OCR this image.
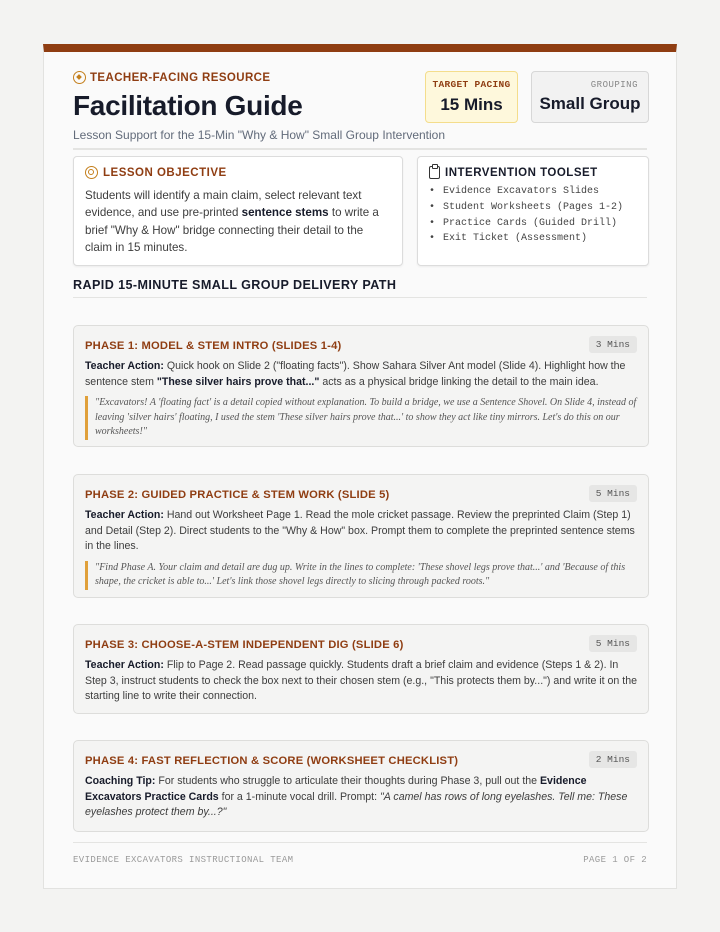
TEACHER-FACING RESOURCE
Facilitation Guide
Lesson Support for the 15-Min "Why & How" Small Group Intervention
TARGET PACING
15 Mins
GROUPING
Small Group
LESSON OBJECTIVE

Students will identify a main claim, select relevant text evidence, and use pre-printed sentence stems to write a brief "Why & How" bridge connecting their detail to the claim in 15 minutes.

INTERVENTION TOOLSET
• Evidence Excavators Slides
• Student Worksheets (Pages 1-2)
• Practice Cards (Guided Drill)
• Exit Ticket (Assessment)
RAPID 15-MINUTE SMALL GROUP DELIVERY PATH
PHASE 1: MODEL & STEM INTRO (SLIDES 1-4)	3 Mins
Teacher Action: Quick hook on Slide 2 ("floating facts"). Show Sahara Silver Ant model (Slide 4). Highlight how the sentence stem "These silver hairs prove that..." acts as a physical bridge linking the detail to the main idea.
"Excavators! A 'floating fact' is a detail copied without explanation. To build a bridge, we use a Sentence Shovel. On Slide 4, instead of leaving 'silver hairs' floating, I used the stem 'These silver hairs prove that...' to show they act like tiny mirrors. Let's do this on our worksheets!"
PHASE 2: GUIDED PRACTICE & STEM WORK (SLIDE 5)	5 Mins
Teacher Action: Hand out Worksheet Page 1. Read the mole cricket passage. Review the preprinted Claim (Step 1) and Detail (Step 2). Direct students to the "Why & How" box. Prompt them to complete the preprinted sentence stems in the lines.
"Find Phase A. Your claim and detail are dug up. Write in the lines to complete: 'These shovel legs prove that...' and 'Because of this shape, the cricket is able to...' Let's link those shovel legs directly to slicing through packed roots."
PHASE 3: CHOOSE-A-STEM INDEPENDENT DIG (SLIDE 6)	5 Mins
Teacher Action: Flip to Page 2. Read passage quickly. Students draft a brief claim and evidence (Steps 1 & 2). In Step 3, instruct students to check the box next to their chosen stem (e.g., "This protects them by...") and write it on the starting line to write their connection.
PHASE 4: FAST REFLECTION & SCORE (WORKSHEET CHECKLIST)	2 Mins
Coaching Tip: For students who struggle to articulate their thoughts during Phase 3, pull out the Evidence Excavators Practice Cards for a 1-minute vocal drill. Prompt: "A camel has rows of long eyelashes. Tell me: These eyelashes protect them by...?"
EVIDENCE EXCAVATORS INSTRUCTIONAL TEAM	PAGE 1 OF 2
